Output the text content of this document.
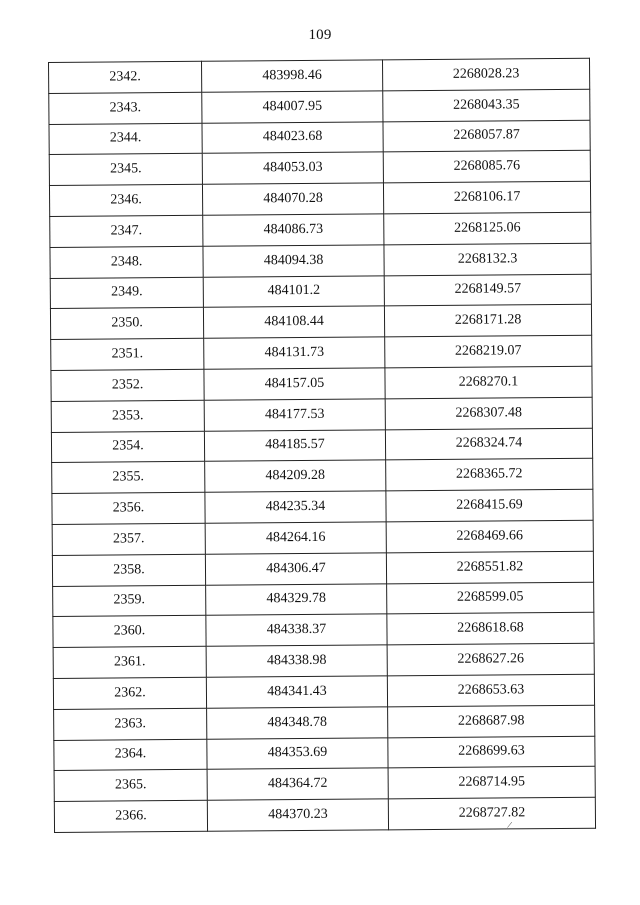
109
2342.	483998.46	2268028.23
2343.	484007.95	2268043.35
2344.	484023.68	2268057.87
2345.	484053.03	2268085.76
2346.	484070.28	2268106.17
2347.	484086.73	2268125.06
2348.	484094.38	2268132.3
2349.	484101.2	2268149.57
2350.	484108.44	2268171.28
2351.	484131.73	2268219.07
2352.	484157.05	2268270.1
2353.	484177.53	2268307.48
2354.	484185.57	2268324.74
2355.	484209.28	2268365.72
2356.	484235.34	2268415.69
2357.	484264.16	2268469.66
2358.	484306.47	2268551.82
2359.	484329.78	2268599.05
2360.	484338.37	2268618.68
2361.	484338.98	2268627.26
2362.	484341.43	2268653.63
2363.	484348.78	2268687.98
2364.	484353.69	2268699.63
2365.	484364.72	2268714.95
2366.	484370.23	2268727.82
/
